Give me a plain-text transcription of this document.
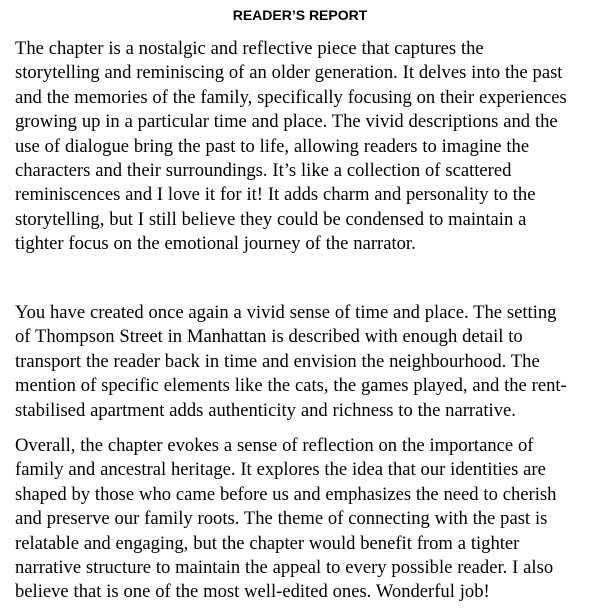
READER’S REPORT

The chapter is a nostalgic and reflective piece that captures the
storytelling and reminiscing of an older generation. It delves into the past
and the memories of the family, specifically focusing on their experiences
growing up in a particular time and place. The vivid descriptions and the
use of dialogue bring the past to life, allowing readers to imagine the
characters and their surroundings. It’s like a collection of scattered
reminiscences and I love it for it! It adds charm and personality to the
storytelling, but I still believe they could be condensed to maintain a
tighter focus on the emotional journey of the narrator.

You have created once again a vivid sense of time and place. The setting
of Thompson Street in Manhattan is described with enough detail to
transport the reader back in time and envision the neighbourhood. The
mention of specific elements like the cats, the games played, and the rent-
stabilised apartment adds authenticity and richness to the narrative.

Overall, the chapter evokes a sense of reflection on the importance of
family and ancestral heritage. It explores the idea that our identities are
shaped by those who came before us and emphasizes the need to cherish
and preserve our family roots. The theme of connecting with the past is
relatable and engaging, but the chapter would benefit from a tighter
narrative structure to maintain the appeal to every possible reader. I also
believe that is one of the most well-edited ones. Wonderful job!
